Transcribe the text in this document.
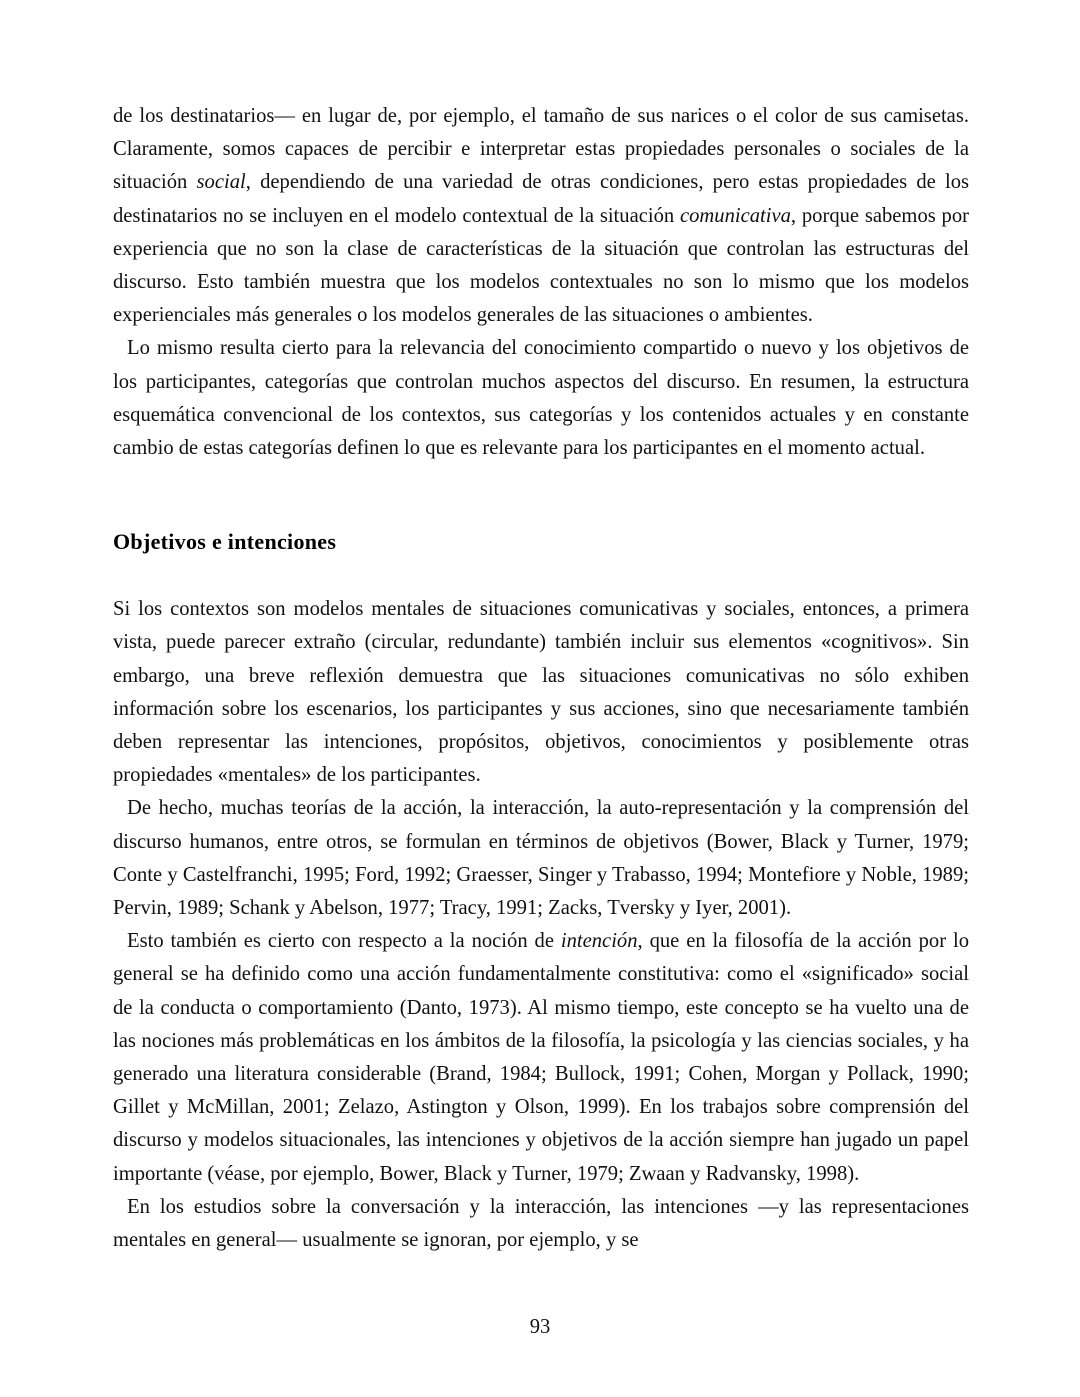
de los destinatarios— en lugar de, por ejemplo, el tamaño de sus narices o el color de sus camisetas. Claramente, somos capaces de percibir e interpretar estas propiedades personales o sociales de la situación social, dependiendo de una variedad de otras condiciones, pero estas propiedades de los destinatarios no se incluyen en el modelo contextual de la situación comunicativa, porque sabemos por experiencia que no son la clase de características de la situación que controlan las estructuras del discurso. Esto también muestra que los modelos contextuales no son lo mismo que los modelos experienciales más generales o los modelos generales de las situaciones o ambientes.

Lo mismo resulta cierto para la relevancia del conocimiento compartido o nuevo y los objetivos de los participantes, categorías que controlan muchos aspectos del discurso. En resumen, la estructura esquemática convencional de los contextos, sus categorías y los contenidos actuales y en constante cambio de estas categorías definen lo que es relevante para los participantes en el momento actual.

Objetivos e intenciones

Si los contextos son modelos mentales de situaciones comunicativas y sociales, entonces, a primera vista, puede parecer extraño (circular, redundante) también incluir sus elementos «cognitivos». Sin embargo, una breve reflexión demuestra que las situaciones comunicativas no sólo exhiben información sobre los escenarios, los participantes y sus acciones, sino que necesariamente también deben representar las intenciones, propósitos, objetivos, conocimientos y posiblemente otras propiedades «mentales» de los participantes.

De hecho, muchas teorías de la acción, la interacción, la auto-representación y la comprensión del discurso humanos, entre otros, se formulan en términos de objetivos (Bower, Black y Turner, 1979; Conte y Castelfranchi, 1995; Ford, 1992; Graesser, Singer y Trabasso, 1994; Montefiore y Noble, 1989; Pervin, 1989; Schank y Abelson, 1977; Tracy, 1991; Zacks, Tversky y Iyer, 2001).

Esto también es cierto con respecto a la noción de intención, que en la filosofía de la acción por lo general se ha definido como una acción fundamentalmente constitutiva: como el «significado» social de la conducta o comportamiento (Danto, 1973). Al mismo tiempo, este concepto se ha vuelto una de las nociones más problemáticas en los ámbitos de la filosofía, la psicología y las ciencias sociales, y ha generado una literatura considerable (Brand, 1984; Bullock, 1991; Cohen, Morgan y Pollack, 1990; Gillet y McMillan, 2001; Zelazo, Astington y Olson, 1999). En los trabajos sobre comprensión del discurso y modelos situacionales, las intenciones y objetivos de la acción siempre han jugado un papel importante (véase, por ejemplo, Bower, Black y Turner, 1979; Zwaan y Radvansky, 1998).

En los estudios sobre la conversación y la interacción, las intenciones —y las representaciones mentales en general— usualmente se ignoran, por ejemplo, y se

93
